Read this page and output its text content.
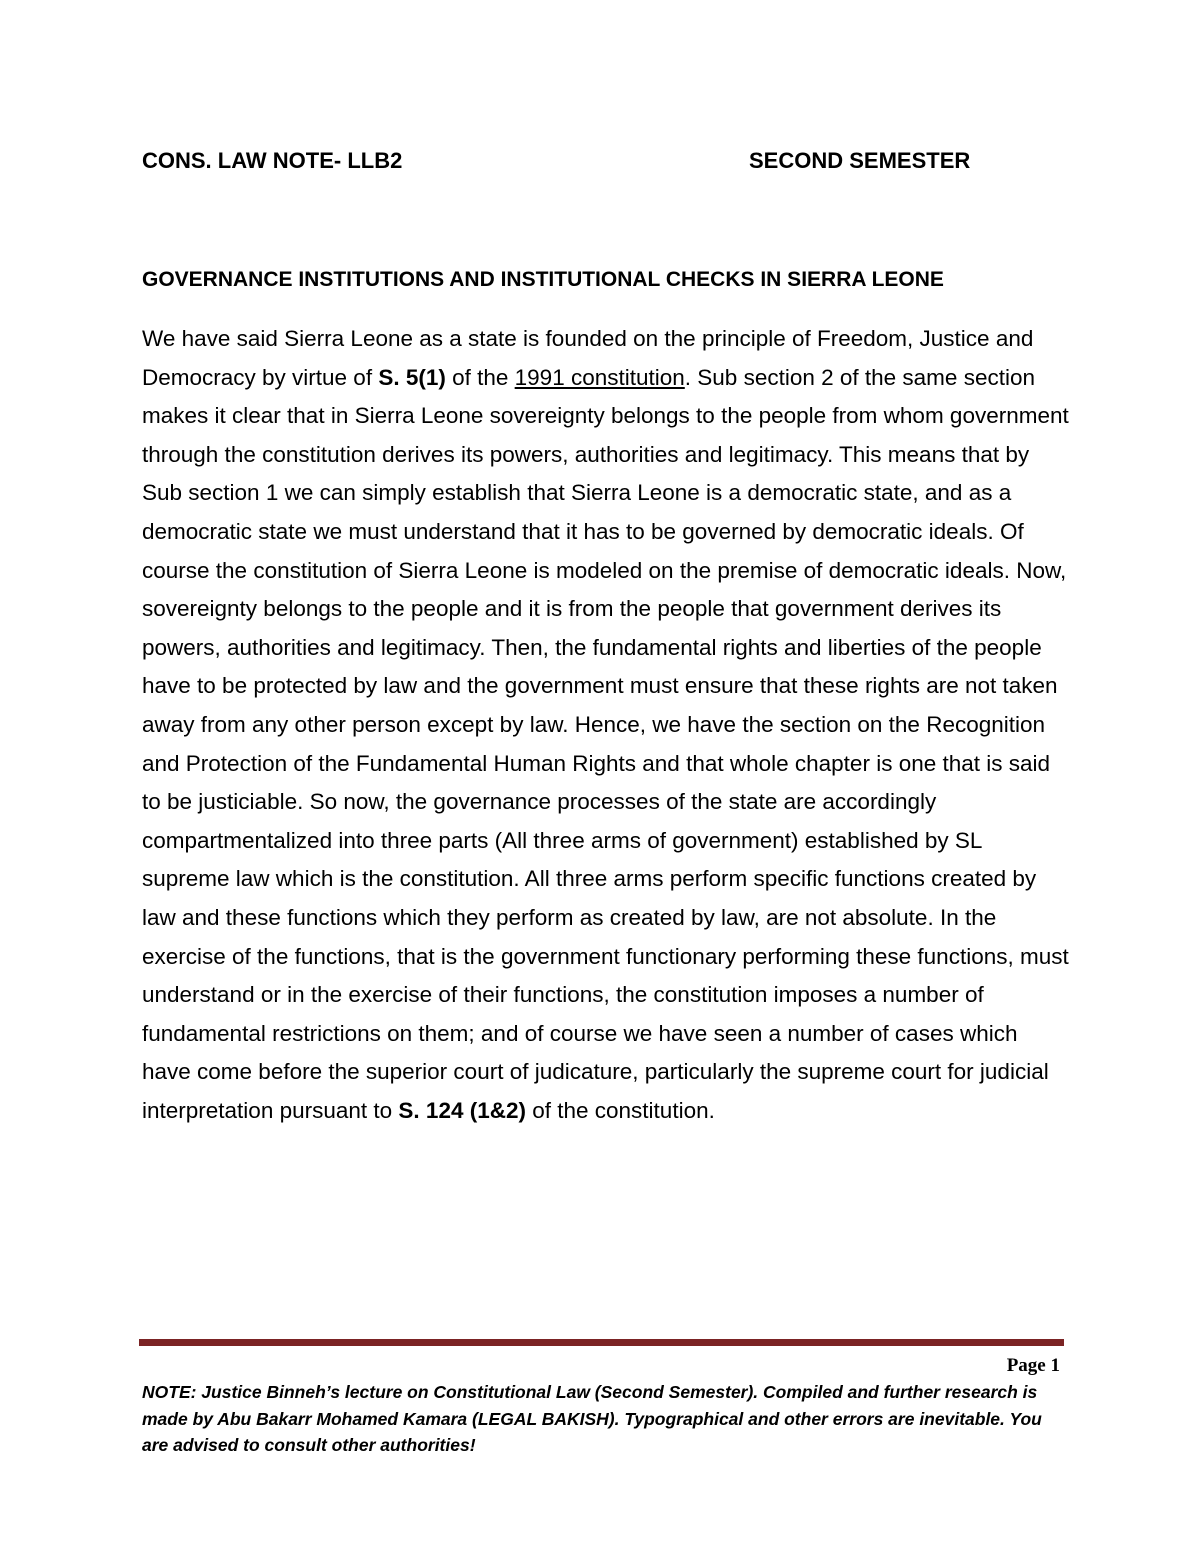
CONS. LAW NOTE- LLB2	SECOND SEMESTER
GOVERNANCE INSTITUTIONS AND INSTITUTIONAL CHECKS IN SIERRA LEONE
We have said Sierra Leone as a state is founded on the principle of Freedom, Justice and Democracy by virtue of S. 5(1) of the 1991 constitution. Sub section 2 of the same section makes it clear that in Sierra Leone sovereignty belongs to the people from whom government through the constitution derives its powers, authorities and legitimacy. This means that by Sub section 1 we can simply establish that Sierra Leone is a democratic state, and as a democratic state we must understand that it has to be governed by democratic ideals. Of course the constitution of Sierra Leone is modeled on the premise of democratic ideals. Now, sovereignty belongs to the people and it is from the people that government derives its powers, authorities and legitimacy. Then, the fundamental rights and liberties of the people have to be protected by law and the government must ensure that these rights are not taken away from any other person except by law. Hence, we have the section on the Recognition and Protection of the Fundamental Human Rights and that whole chapter is one that is said to be justiciable. So now, the governance processes of the state are accordingly compartmentalized into three parts (All three arms of government) established by SL supreme law which is the constitution. All three arms perform specific functions created by law and these functions which they perform as created by law, are not absolute. In the exercise of the functions, that is the government functionary performing these functions, must understand or in the exercise of their functions, the constitution imposes a number of fundamental restrictions on them; and of course we have seen a number of cases which have come before the superior court of judicature, particularly the supreme court for judicial interpretation pursuant to S. 124 (1&2) of the constitution.
Page 1
NOTE: Justice Binneh’s lecture on Constitutional Law (Second Semester). Compiled and further research is made by Abu Bakarr Mohamed Kamara (LEGAL BAKISH). Typographical and other errors are inevitable. You are advised to consult other authorities!
